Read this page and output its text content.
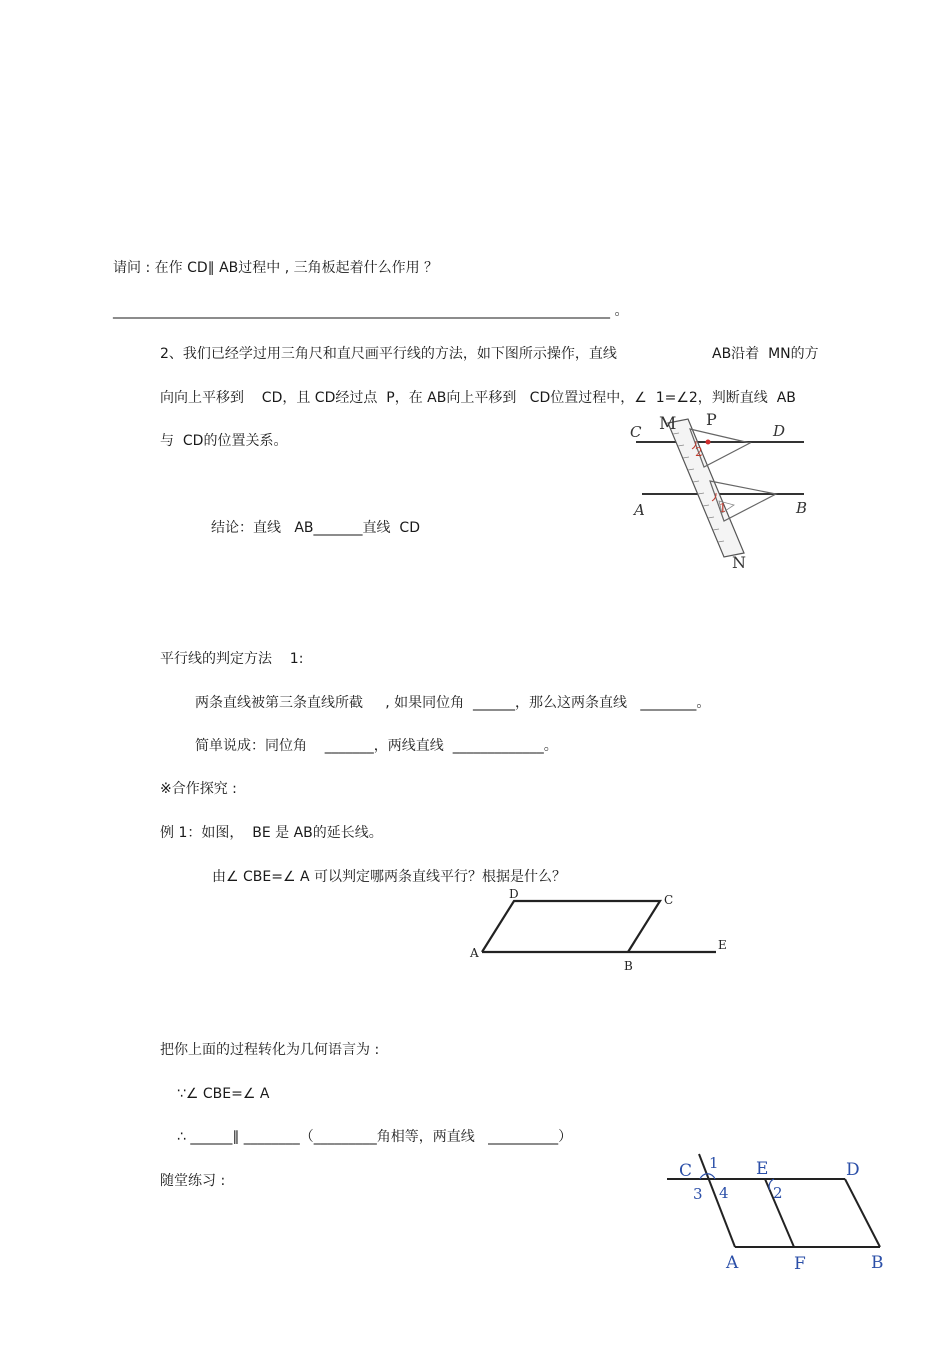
请问 : 在作 CD∥ AB过程中 , 三角板起着什么作用 ？
_______________________________________________________________________ 。
2、我们已经学过用三角尺和直尺画平行线的方法，如下图所示操作，直线	AB沿着  MN的方
向向上平移到    CD，且 CD经过点  P，在 AB向上平移到   CD位置过程中，∠  1=∠2，判断直线  AB
与  CD的位置关系。
结论：直线   AB_______直线  CD
C M P
D
A	B
N
2
1
平行线的判定方法    1:
两条直线被第三条直线所截     , 如果同位角  ______，那么这两条直线   ________。
简单说成：同位角    _______，两线直线  _____________。
※合作探究 :
例 1：如图，  BE 是 AB的延长线。
由∠ CBE=∠ A 可以判定哪两条直线平行？根据是什么？
A
D	C
B
E
把你上面的过程转化为几何语言为 :
∵∠ CBE=∠ A
∴ ______∥ ________（_________角相等，两直线   __________）
随堂练习 :	C	E	D
A	F	B
1
3 4	2
